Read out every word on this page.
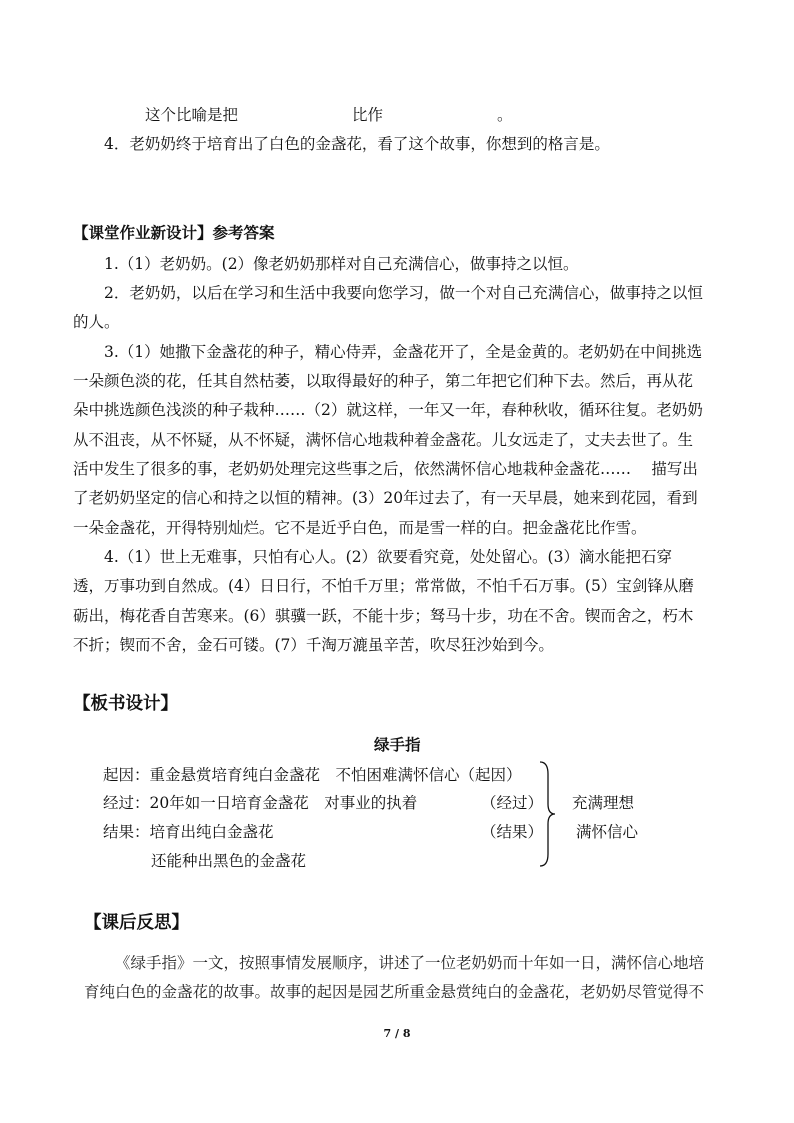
这个比喻是把	比作	。
4．老奶奶终于培育出了白色的金盏花，看了这个故事，你想到的格言是。
【课堂作业新设计】参考答案
1.（1）老奶奶。(2）像老奶奶那样对自己充满信心，做事持之以恒。
2．老奶奶，以后在学习和生活中我要向您学习，做一个对自己充满信心，做事持之以恒
的人。
3.（1）她撒下金盏花的种子，精心侍弄，金盏花开了，全是金黄的。老奶奶在中间挑选
一朵颜色淡的花，任其自然枯萎，以取得最好的种子，第二年把它们种下去。然后，再从花
朵中挑选颜色浅淡的种子栽种……（2）就这样，一年又一年，春种秋收，循环往复。老奶奶
从不沮丧，从不怀疑，从不怀疑，满怀信心地栽种着金盏花。儿女远走了，丈夫去世了。生
活中发生了很多的事，老奶奶处理完这些事之后，依然满怀信心地栽种金盏花……　 描写出
了老奶奶坚定的信心和持之以恒的精神。(3）20年过去了，有一天早晨，她来到花园，看到
一朵金盏花，开得特别灿烂。它不是近乎白色，而是雪一样的白。把金盏花比作雪。
4.（1）世上无难事，只怕有心人。(2）欲要看究竟，处处留心。(3）滴水能把石穿
透，万事功到自然成。(4）日日行，不怕千万里；常常做，不怕千石万事。(5）宝剑锋从磨
砺出，梅花香自苦寒来。(6）骐骥一跃，不能十步；驽马十步，功在不舍。锲而舍之，朽木
不折；锲而不舍，金石可镂。(7）千淘万漉虽辛苦，吹尽狂沙始到今。
【板书设计】
绿手指
起因：重金悬赏培育纯白金盏花　不怕困难满怀信心（起因）
经过：20年如一日培育金盏花　对事业的执着	（经过）
结果：培育出纯白金盏花	（结果）
还能种出黑色的金盏花
充满理想
满怀信心
【课后反思】
《绿手指》一文，按照事情发展顺序，讲述了一位老奶奶而十年如一日，满怀信心地培
育纯白色的金盏花的故事。故事的起因是园艺所重金悬赏纯白的金盏花，老奶奶尽管觉得不
7 / 8
